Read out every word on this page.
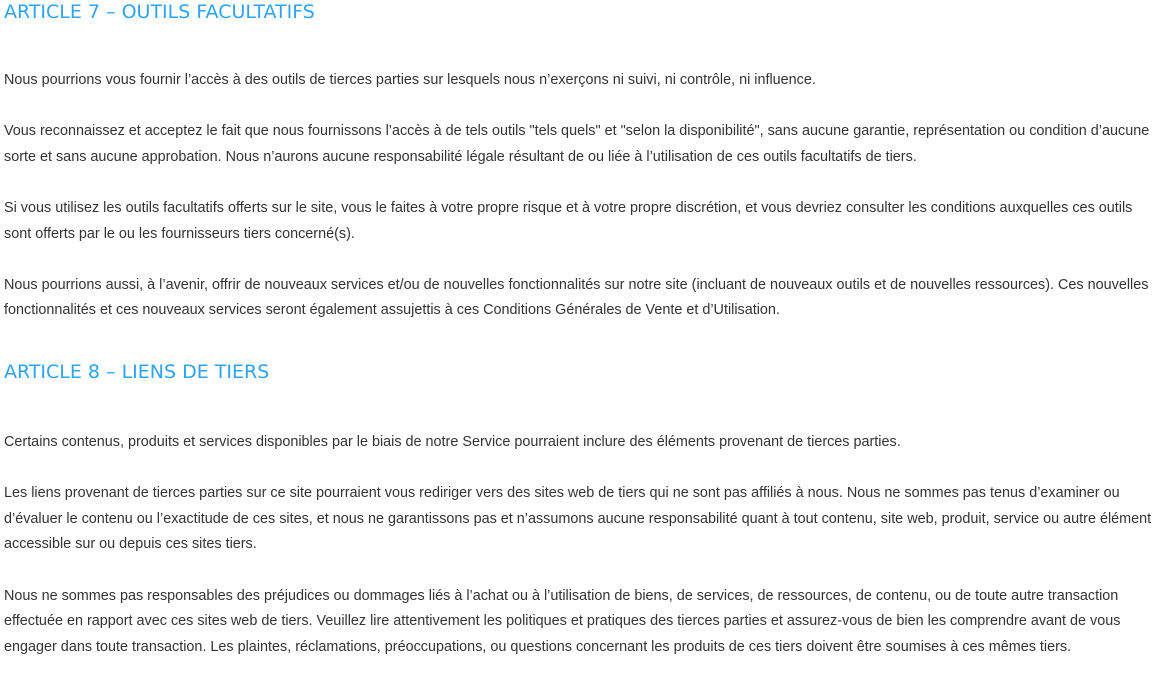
ARTICLE 7 – OUTILS FACULTATIFS

Nous pourrions vous fournir l’accès à des outils de tierces parties sur lesquels nous n’exerçons ni suivi, ni contrôle, ni influence.

Vous reconnaissez et acceptez le fait que nous fournissons l’accès à de tels outils "tels quels" et "selon la disponibilité", sans aucune garantie, représentation ou condition d’aucune sorte et sans aucune approbation. Nous n’aurons aucune responsabilité légale résultant de ou liée à l’utilisation de ces outils facultatifs de tiers.

Si vous utilisez les outils facultatifs offerts sur le site, vous le faites à votre propre risque et à votre propre discrétion, et vous devriez consulter les conditions auxquelles ces outils sont offerts par le ou les fournisseurs tiers concerné(s).

Nous pourrions aussi, à l’avenir, offrir de nouveaux services et/ou de nouvelles fonctionnalités sur notre site (incluant de nouveaux outils et de nouvelles ressources). Ces nouvelles fonctionnalités et ces nouveaux services seront également assujettis à ces Conditions Générales de Vente et d’Utilisation.

ARTICLE 8 – LIENS DE TIERS

Certains contenus, produits et services disponibles par le biais de notre Service pourraient inclure des éléments provenant de tierces parties.

Les liens provenant de tierces parties sur ce site pourraient vous rediriger vers des sites web de tiers qui ne sont pas affiliés à nous. Nous ne sommes pas tenus d’examiner ou d’évaluer le contenu ou l’exactitude de ces sites, et nous ne garantissons pas et n’assumons aucune responsabilité quant à tout contenu, site web, produit, service ou autre élément accessible sur ou depuis ces sites tiers.

Nous ne sommes pas responsables des préjudices ou dommages liés à l’achat ou à l’utilisation de biens, de services, de ressources, de contenu, ou de toute autre transaction effectuée en rapport avec ces sites web de tiers. Veuillez lire attentivement les politiques et pratiques des tierces parties et assurez-vous de bien les comprendre avant de vous engager dans toute transaction. Les plaintes, réclamations, préoccupations, ou questions concernant les produits de ces tiers doivent être soumises à ces mêmes tiers.
